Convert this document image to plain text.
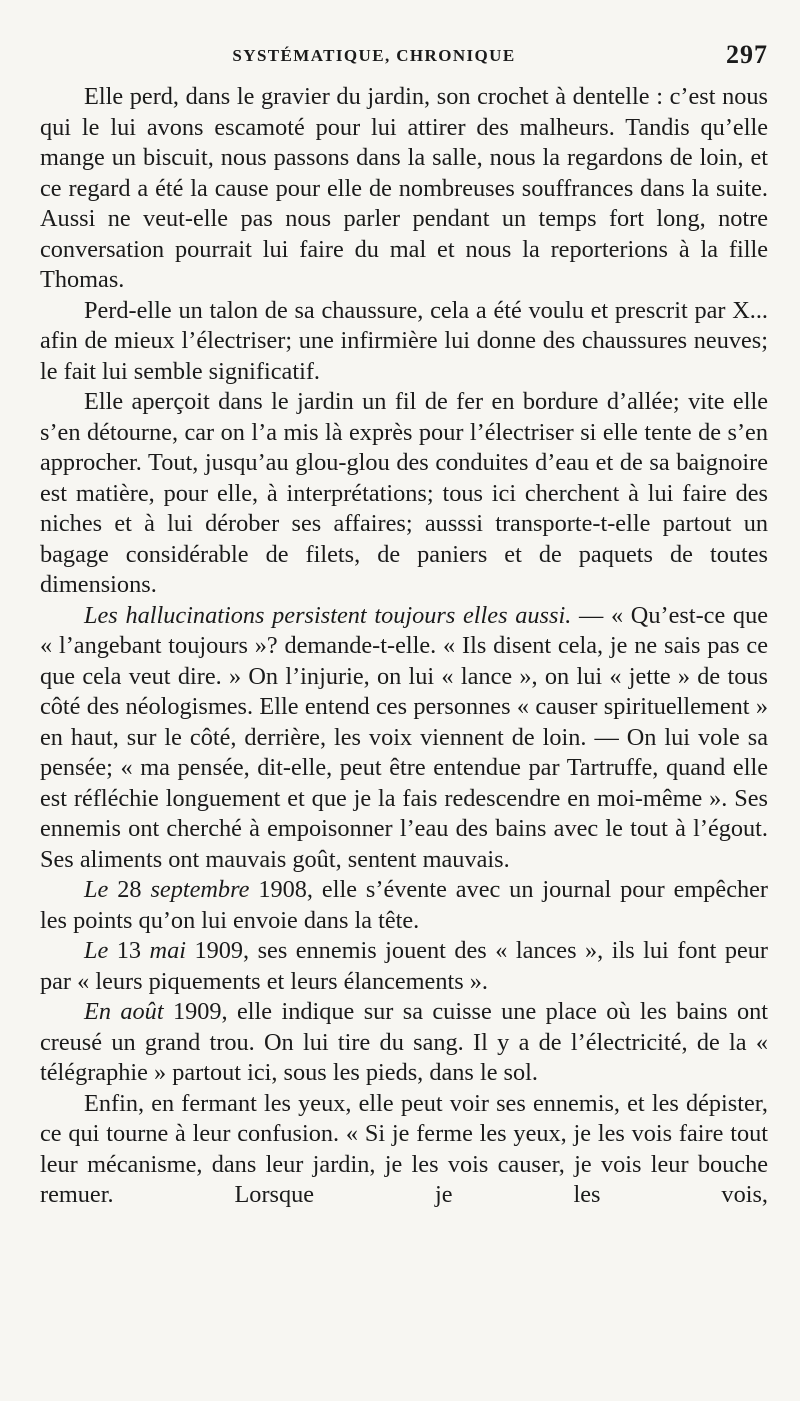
SYSTÉMATIQUE, CHRONIQUE	297

Elle perd, dans le gravier du jardin, son crochet à dentelle : c’est nous qui le lui avons escamoté pour lui attirer des malheurs. Tandis qu’elle mange un biscuit, nous passons dans la salle, nous la regardons de loin, et ce regard a été la cause pour elle de nombreuses souffrances dans la suite. Aussi ne veut-elle pas nous parler pendant un temps fort long, notre conversation pourrait lui faire du mal et nous la reporterions à la fille Thomas.

Perd-elle un talon de sa chaussure, cela a été voulu et prescrit par X... afin de mieux l’électriser; une infirmière lui donne des chaussures neuves; le fait lui semble significatif.

Elle aperçoit dans le jardin un fil de fer en bordure d’allée; vite elle s’en détourne, car on l’a mis là exprès pour l’électriser si elle tente de s’en approcher. Tout, jusqu’au glou-glou des conduites d’eau et de sa baignoire est matière, pour elle, à interprétations; tous ici cherchent à lui faire des niches et à lui dérober ses affaires; ausssi transporte-t-elle partout un bagage considérable de filets, de paniers et de paquets de toutes dimensions.

Les hallucinations persistent toujours elles aussi. — « Qu’est-ce que « l’angebant toujours »? demande-t-elle. « Ils disent cela, je ne sais pas ce que cela veut dire. » On l’injurie, on lui « lance », on lui « jette » de tous côté des néologismes. Elle entend ces personnes « causer spirituellement » en haut, sur le côté, derrière, les voix viennent de loin. — On lui vole sa pensée; « ma pensée, dit-elle, peut être entendue par Tartruffe, quand elle est réfléchie longuement et que je la fais redescendre en moi-même ». Ses ennemis ont cherché à empoisonner l’eau des bains avec le tout à l’égout. Ses aliments ont mauvais goût, sentent mauvais.

Le 28 septembre 1908, elle s’évente avec un journal pour empêcher les points qu’on lui envoie dans la tête.

Le 13 mai 1909, ses ennemis jouent des « lances », ils lui font peur par « leurs piquements et leurs élancements ».

En août 1909, elle indique sur sa cuisse une place où les bains ont creusé un grand trou. On lui tire du sang. Il y a de l’électricité, de la « télégraphie » partout ici, sous les pieds, dans le sol.

Enfin, en fermant les yeux, elle peut voir ses ennemis, et les dépister, ce qui tourne à leur confusion. « Si je ferme les yeux, je les vois faire tout leur mécanisme, dans leur jardin, je les vois causer, je vois leur bouche remuer. Lorsque je les vois,
